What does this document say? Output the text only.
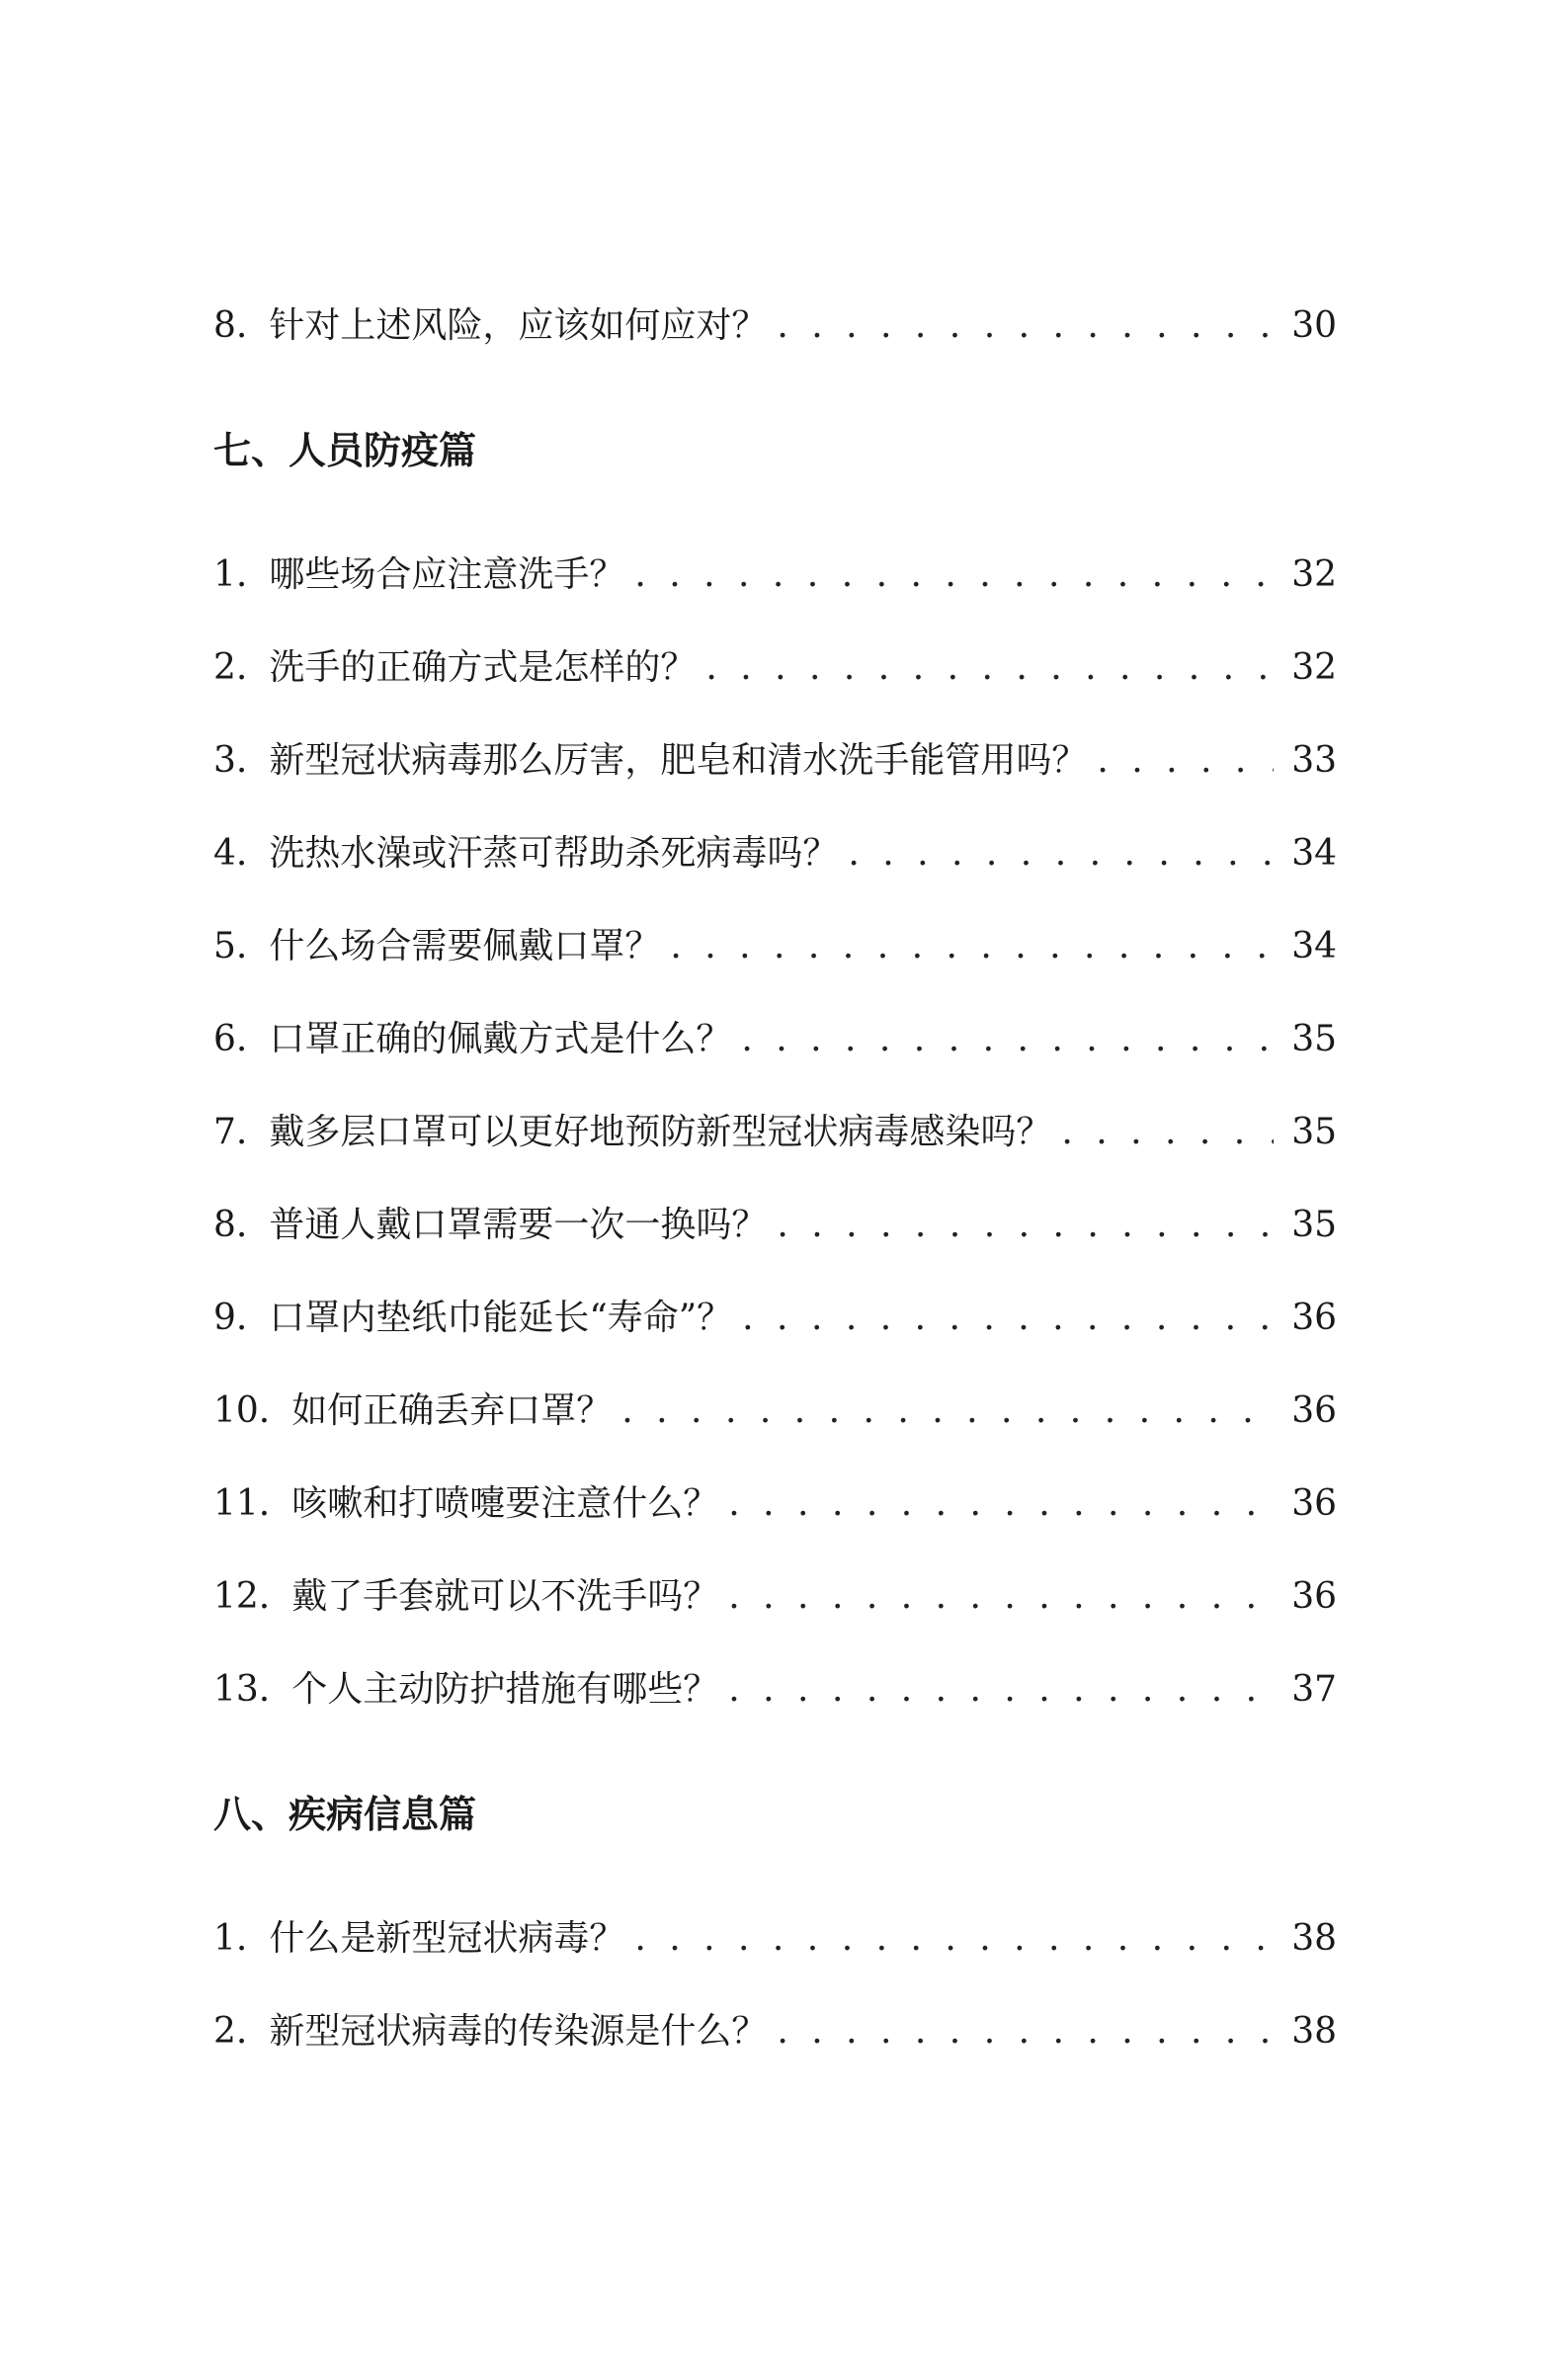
8. 针对上述风险，应该如何应对？ . . .	30
七、人员防疫篇
1. 哪些场合应注意洗手？ . . .	32
2. 洗手的正确方式是怎样的？ . . .	32
3. 新型冠状病毒那么厉害，肥皂和清水洗手能管用吗？ . . .	33
4. 洗热水澡或汗蒸可帮助杀死病毒吗？ . . .	34
5. 什么场合需要佩戴口罩？ . . .	34
6. 口罩正确的佩戴方式是什么？ . . .	35
7. 戴多层口罩可以更好地预防新型冠状病毒感染吗？ . . .	35
8. 普通人戴口罩需要一次一换吗？ . . .	35
9. 口罩内垫纸巾能延长“寿命”？ . . .	36
10. 如何正确丢弃口罩？ . . .	36
11. 咳嗽和打喷嚏要注意什么？ . . .	36
12. 戴了手套就可以不洗手吗？ . . .	36
13. 个人主动防护措施有哪些？ . . .	37
八、疾病信息篇
1. 什么是新型冠状病毒？ . . .	38
2. 新型冠状病毒的传染源是什么？ . . .	38
